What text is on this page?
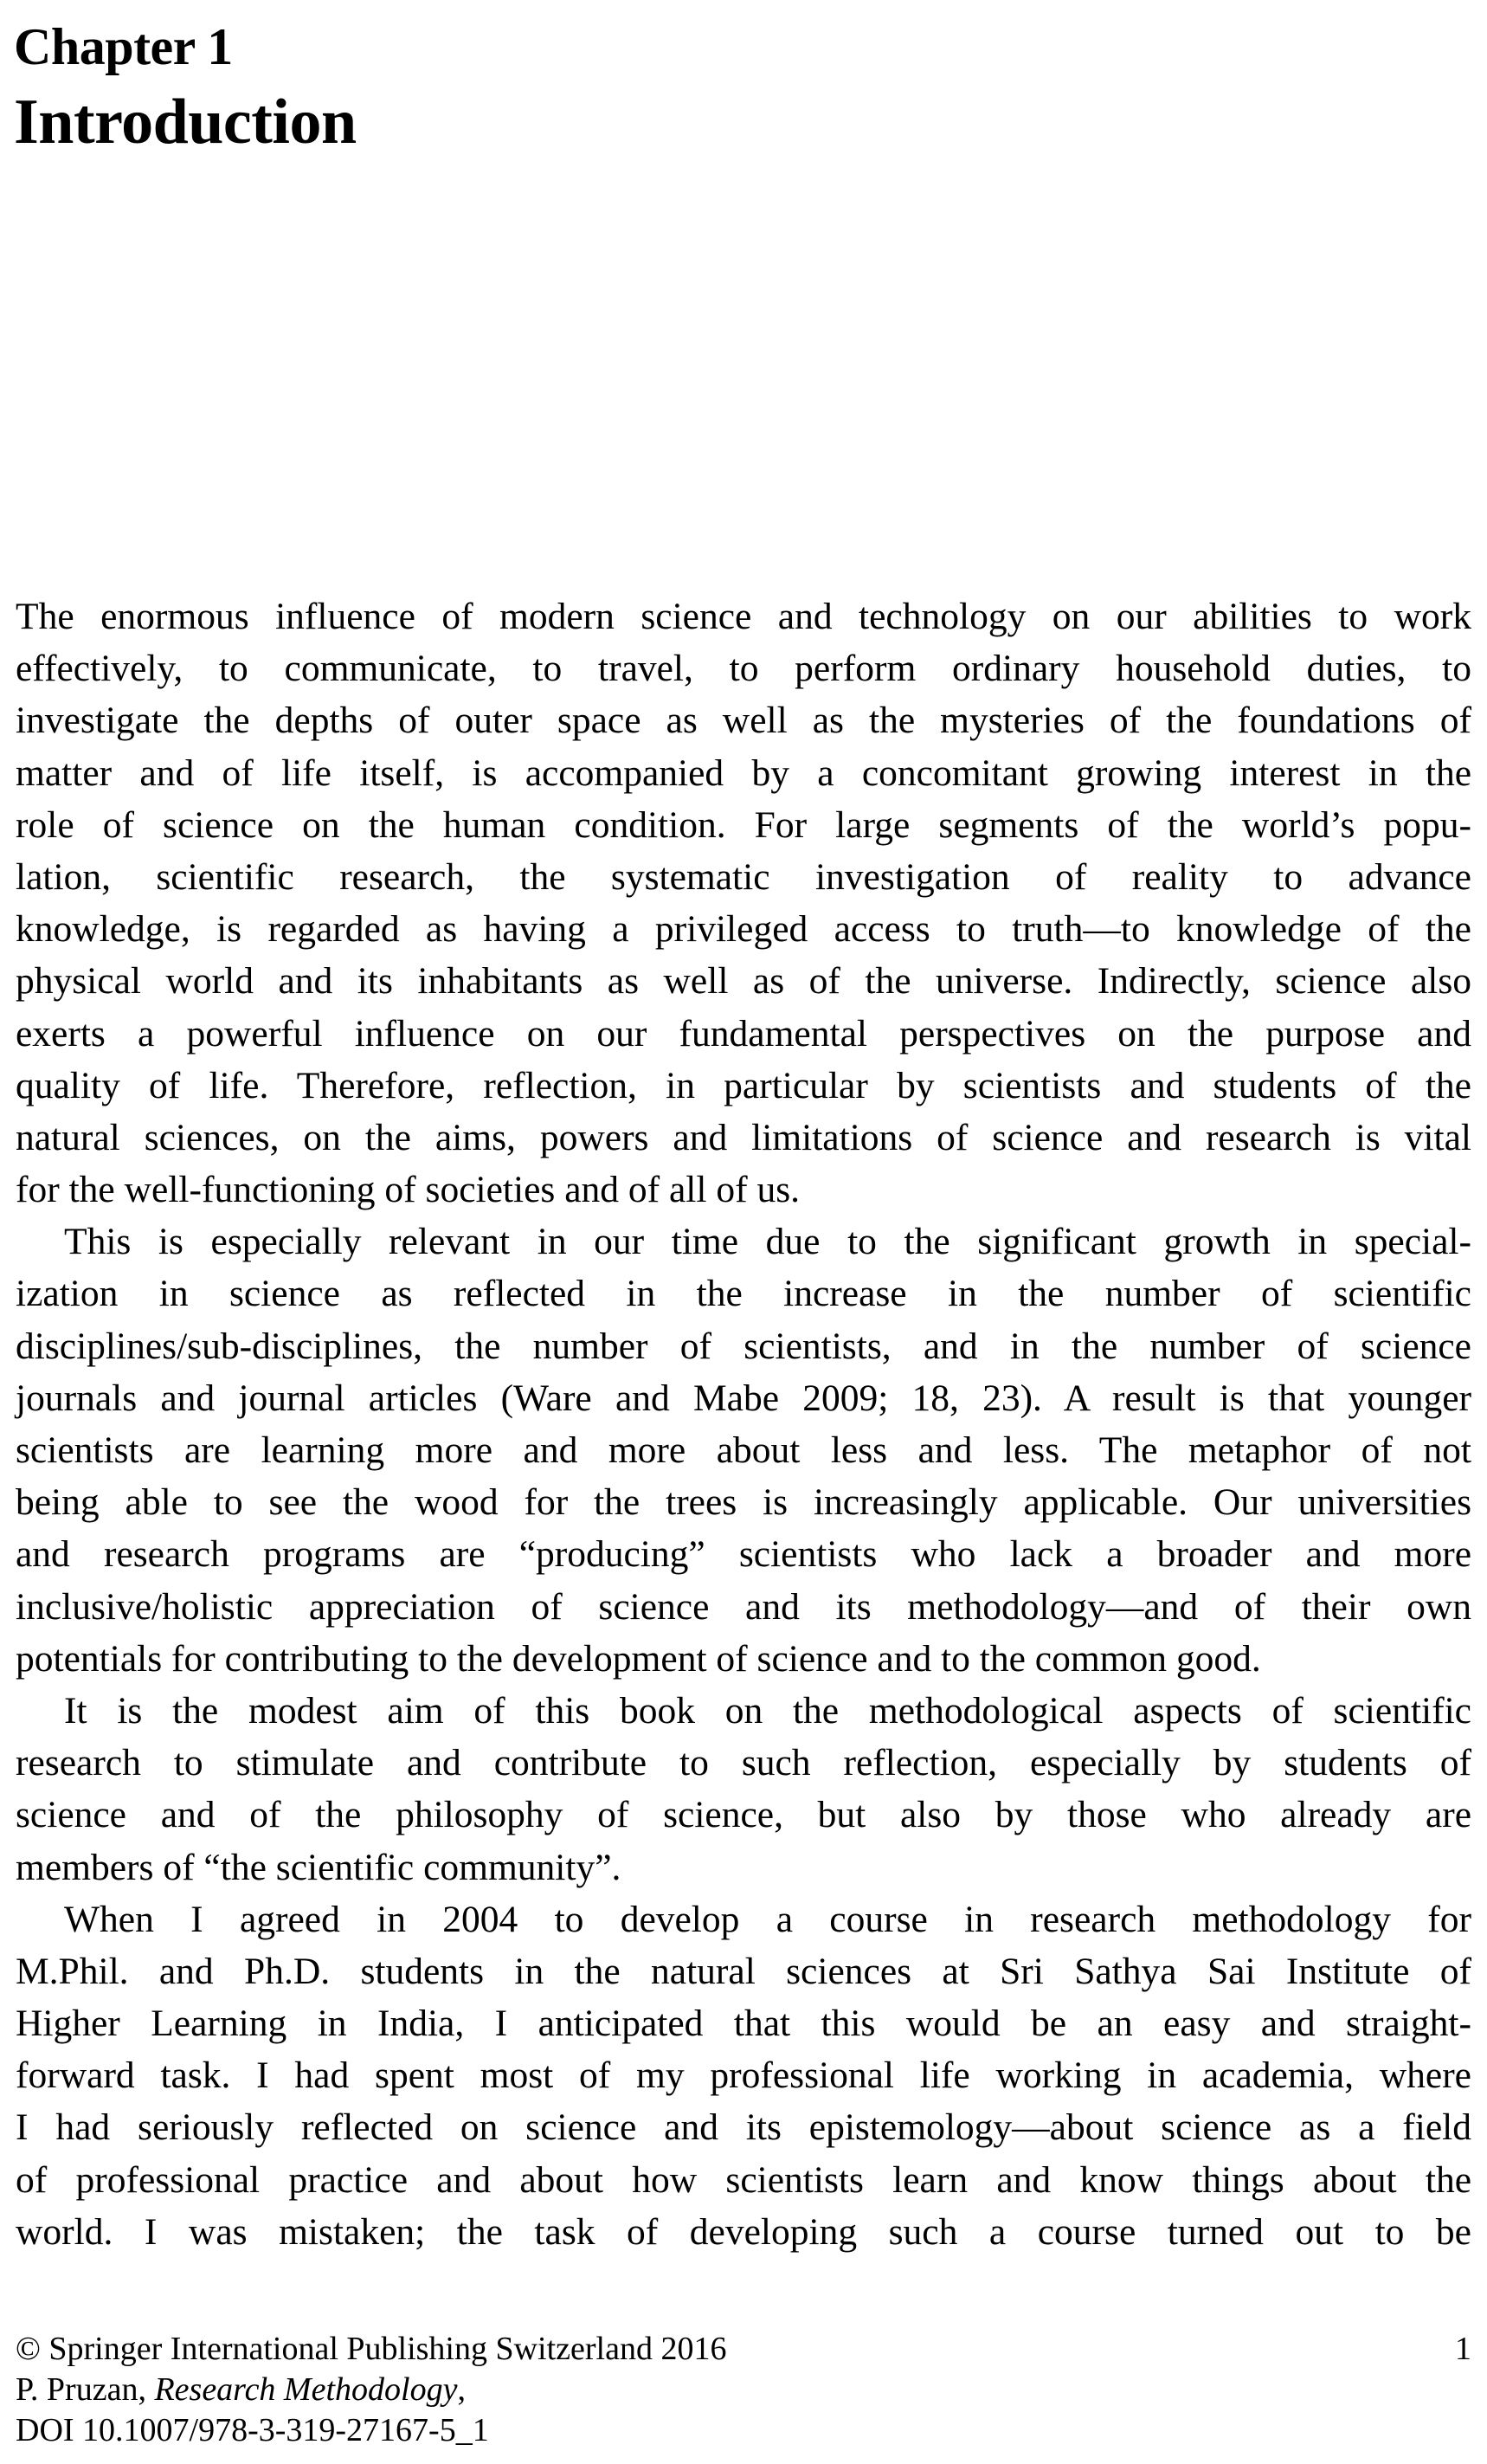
Chapter 1
Introduction
The enormous influence of modern science and technology on our abilities to work
effectively, to communicate, to travel, to perform ordinary household duties, to
investigate the depths of outer space as well as the mysteries of the foundations of
matter and of life itself, is accompanied by a concomitant growing interest in the
role of science on the human condition. For large segments of the world’s popu-
lation, scientific research, the systematic investigation of reality to advance
knowledge, is regarded as having a privileged access to truth—to knowledge of the
physical world and its inhabitants as well as of the universe. Indirectly, science also
exerts a powerful influence on our fundamental perspectives on the purpose and
quality of life. Therefore, reflection, in particular by scientists and students of the
natural sciences, on the aims, powers and limitations of science and research is vital
for the well-functioning of societies and of all of us.
This is especially relevant in our time due to the significant growth in special-
ization in science as reflected in the increase in the number of scientific
disciplines/sub-disciplines, the number of scientists, and in the number of science
journals and journal articles (Ware and Mabe 2009; 18, 23). A result is that younger
scientists are learning more and more about less and less. The metaphor of not
being able to see the wood for the trees is increasingly applicable. Our universities
and research programs are “producing” scientists who lack a broader and more
inclusive/holistic appreciation of science and its methodology—and of their own
potentials for contributing to the development of science and to the common good.
It is the modest aim of this book on the methodological aspects of scientific
research to stimulate and contribute to such reflection, especially by students of
science and of the philosophy of science, but also by those who already are
members of “the scientific community”.
When I agreed in 2004 to develop a course in research methodology for
M.Phil. and Ph.D. students in the natural sciences at Sri Sathya Sai Institute of
Higher Learning in India, I anticipated that this would be an easy and straight-
forward task. I had spent most of my professional life working in academia, where
I had seriously reflected on science and its epistemology—about science as a field
of professional practice and about how scientists learn and know things about the
world. I was mistaken; the task of developing such a course turned out to be
© Springer International Publishing Switzerland 2016
P. Pruzan, Research Methodology,
DOI 10.1007/978-3-319-27167-5_1
1
